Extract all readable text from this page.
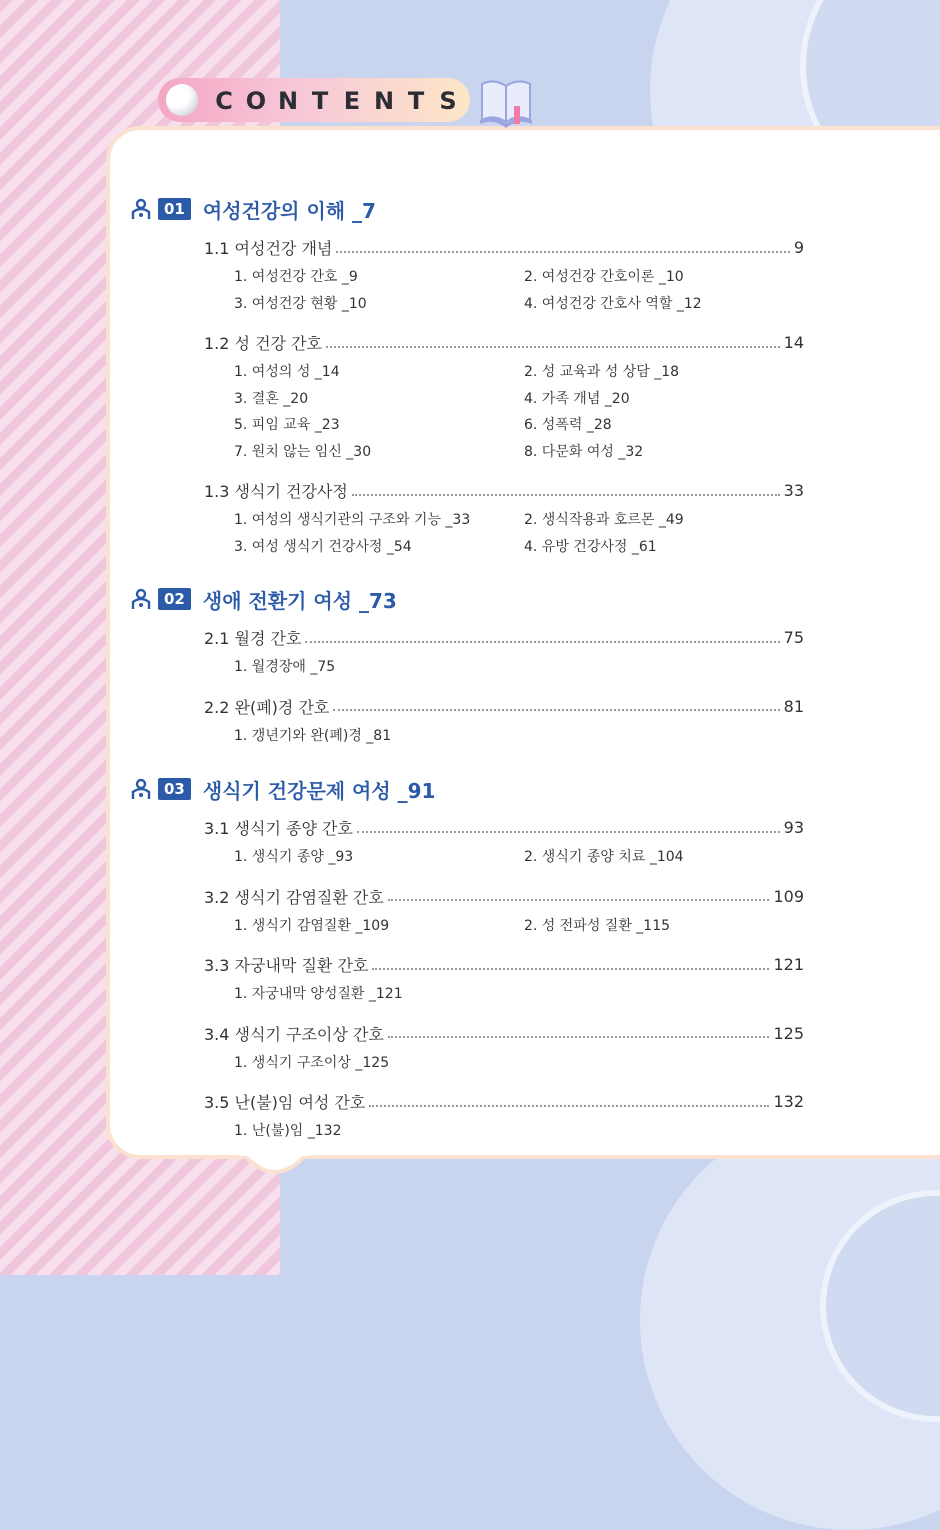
C O N T E N T S
01 여성건강의 이해 _7
1.1 여성건강 개념	9
1. 여성건강 간호 _9	2. 여성건강 간호이론 _10
3. 여성건강 현황 _10	4. 여성건강 간호사 역할 _12
1.2 성 건강 간호	14
1. 여성의 성 _14	2. 성 교육과 성 상담 _18
3. 결혼 _20	4. 가족 개념 _20
5. 피임 교육 _23	6. 성폭력 _28
7. 원치 않는 임신 _30	8. 다문화 여성 _32
1.3 생식기 건강사정	33
1. 여성의 생식기관의 구조와 기능 _33	2. 생식작용과 호르몬 _49
3. 여성 생식기 건강사정 _54	4. 유방 건강사정 _61
02 생애 전환기 여성 _73
2.1 월경 간호	75
1. 월경장애 _75
2.2 완(폐)경 간호	81
1. 갱년기와 완(폐)경 _81
03 생식기 건강문제 여성 _91
3.1 생식기 종양 간호	93
1. 생식기 종양 _93	2. 생식기 종양 치료 _104
3.2 생식기 감염질환 간호	109
1. 생식기 감염질환 _109	2. 성 전파성 질환 _115
3.3 자궁내막 질환 간호	121
1. 자궁내막 양성질환 _121
3.4 생식기 구조이상 간호	125
1. 생식기 구조이상 _125
3.5 난(불)임 여성 간호	132
1. 난(불)임 _132
